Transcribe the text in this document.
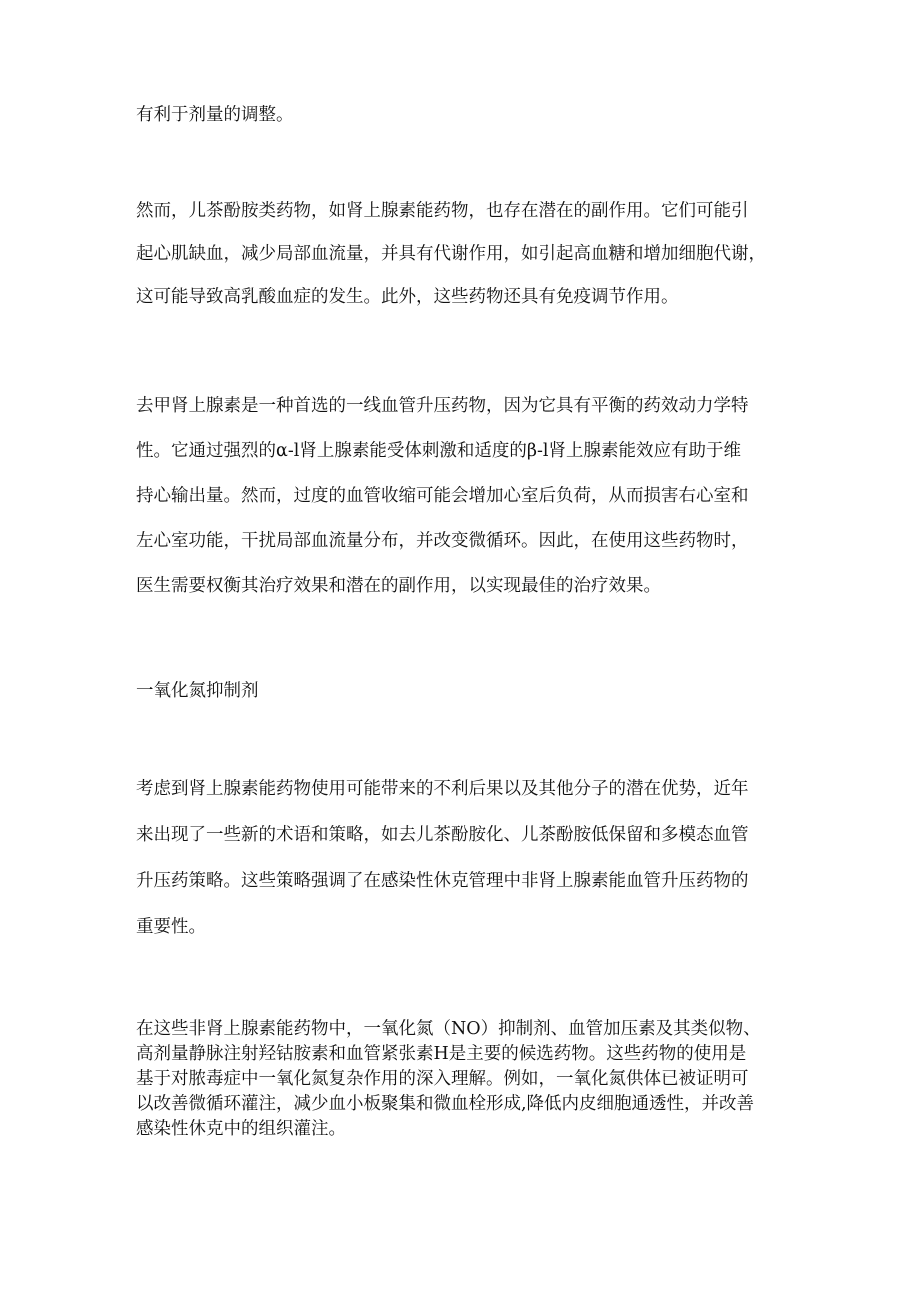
有利于剂量的调整。

然而，儿茶酚胺类药物，如肾上腺素能药物，也存在潜在的副作用。它们可能引
起心肌缺血，减少局部血流量，并具有代谢作用，如引起高血糖和增加细胞代谢，
这可能导致高乳酸血症的发生。此外，这些药物还具有免疫调节作用。

去甲肾上腺素是一种首选的一线血管升压药物，因为它具有平衡的药效动力学特
性。它通过强烈的α-l肾上腺素能受体刺激和适度的β-l肾上腺素能效应有助于维
持心输出量。然而，过度的血管收缩可能会增加心室后负荷，从而损害右心室和
左心室功能，干扰局部血流量分布，并改变微循环。因此，在使用这些药物时，
医生需要权衡其治疗效果和潜在的副作用，以实现最佳的治疗效果。

一氧化氮抑制剂

考虑到肾上腺素能药物使用可能带来的不利后果以及其他分子的潜在优势，近年
来出现了一些新的术语和策略，如去儿茶酚胺化、儿茶酚胺低保留和多模态血管
升压药策略。这些策略强调了在感染性休克管理中非肾上腺素能血管升压药物的
重要性。

在这些非肾上腺素能药物中，一氧化氮（NO）抑制剂、血管加压素及其类似物、
高剂量静脉注射羟钴胺素和血管紧张素H是主要的候选药物。这些药物的使用是
基于对脓毒症中一氧化氮复杂作用的深入理解。例如，一氧化氮供体已被证明可
以改善微循环灌注，减少血小板聚集和微血栓形成,降低内皮细胞通透性，并改善
感染性休克中的组织灌注。
